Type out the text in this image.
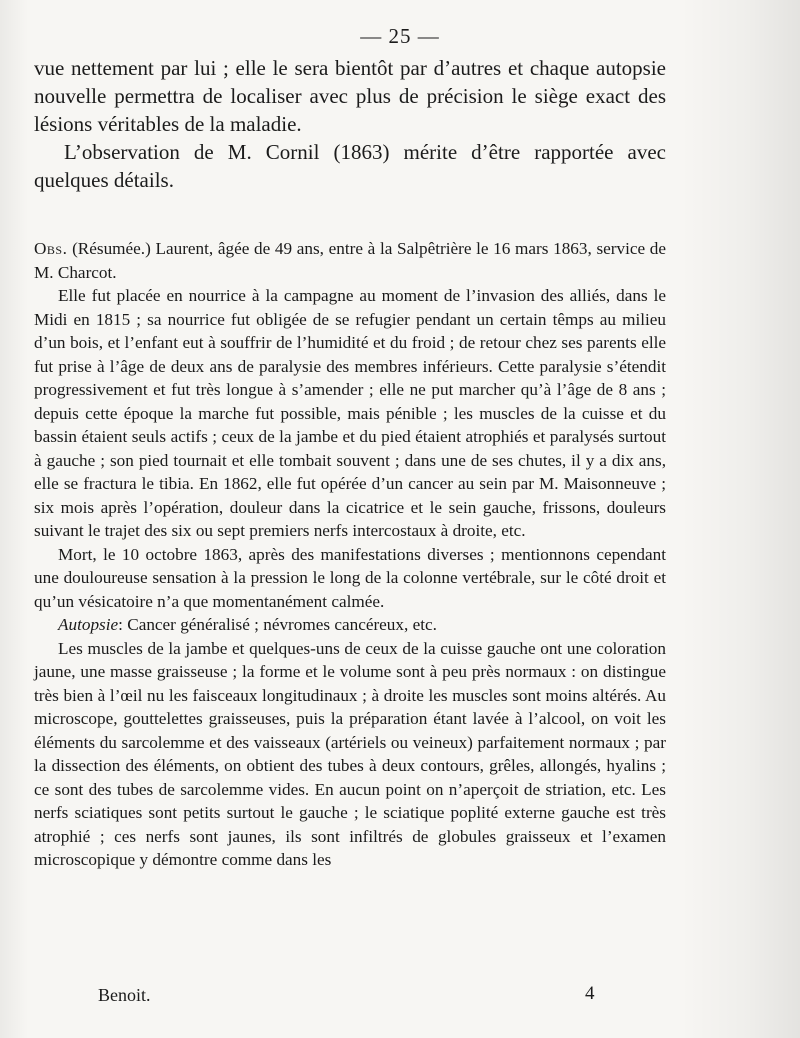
— 25 —

vue nettement par lui ; elle le sera bientôt par d’autres et chaque autopsie nouvelle permettra de localiser avec plus de précision le siège exact des lésions véritables de la maladie.

L’observation de M. Cornil (1863) mérite d’être rapportée avec quelques détails.

Obs. (Résumée.) Laurent, âgée de 49 ans, entre à la Salpêtrière le 16 mars 1863, service de M. Charcot.

Elle fut placée en nourrice à la campagne au moment de l’invasion des alliés, dans le Midi en 1815 ; sa nourrice fut obligée de se refugier pendant un certain têmps au milieu d’un bois, et l’enfant eut à souffrir de l’humidité et du froid ; de retour chez ses parents elle fut prise à l’âge de deux ans de paralysie des membres inférieurs. Cette paralysie s’étendit progressivement et fut très longue à s’amender ; elle ne put marcher qu’à l’âge de 8 ans ; depuis cette époque la marche fut possible, mais pénible ; les muscles de la cuisse et du bassin étaient seuls actifs ; ceux de la jambe et du pied étaient atrophiés et paralysés surtout à gauche ; son pied tournait et elle tombait souvent ; dans une de ses chutes, il y a dix ans, elle se fractura le tibia. En 1862, elle fut opérée d’un cancer au sein par M. Maisonneuve ; six mois après l’opération, douleur dans la cicatrice et le sein gauche, frissons, douleurs suivant le trajet des six ou sept premiers nerfs intercostaux à droite, etc.

Mort, le 10 octobre 1863, après des manifestations diverses ; mentionnons cependant une douloureuse sensation à la pression le long de la colonne vertébrale, sur le côté droit et qu’un vésicatoire n’a que momentanément calmée.

Autopsie: Cancer généralisé ; névromes cancéreux, etc.

Les muscles de la jambe et quelques-uns de ceux de la cuisse gauche ont une coloration jaune, une masse graisseuse ; la forme et le volume sont à peu près normaux : on distingue très bien à l’œil nu les faisceaux longitudinaux ; à droite les muscles sont moins altérés. Au microscope, gouttelettes graisseuses, puis la préparation étant lavée à l’alcool, on voit les éléments du sarcolemme et des vaisseaux (artériels ou veineux) parfaitement normaux ; par la dissection des éléments, on obtient des tubes à deux contours, grêles, allongés, hyalins ; ce sont des tubes de sarcolemme vides. En aucun point on n’aperçoit de striation, etc. Les nerfs sciatiques sont petits surtout le gauche ; le sciatique poplité externe gauche est très atrophié ; ces nerfs sont jaunes, ils sont infiltrés de globules graisseux et l’examen microscopique y démontre comme dans les

Benoit.	4
